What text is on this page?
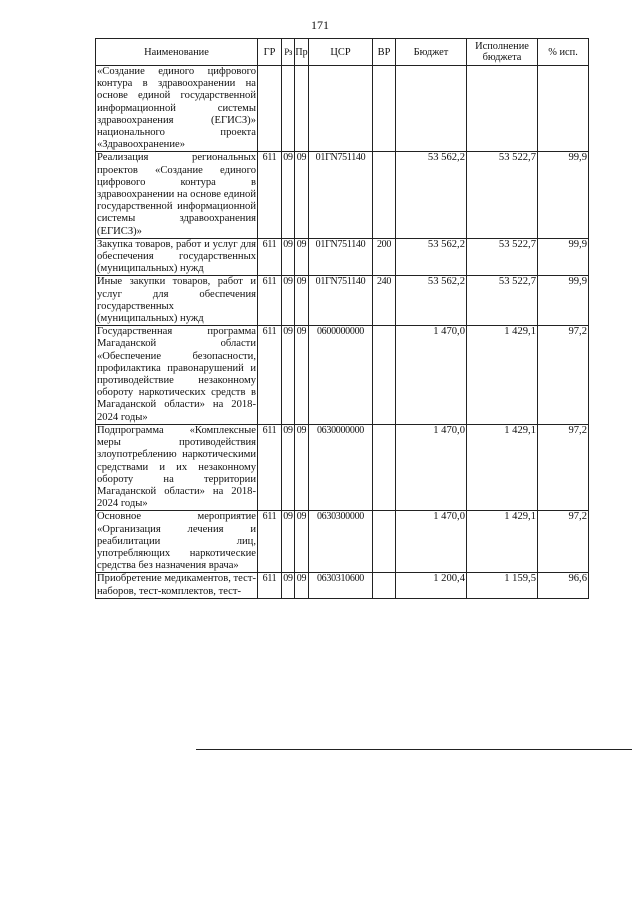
171
Наименование	ГР	Рз	Пр	ЦСР	ВР	Бюджет	Исполнение бюджета	% исп.
«Создание единого цифрового контура в здравоохранении на основе единой государственной информационной системы здравоохранения (ЕГИСЗ)» национального проекта «Здравоохранение»								
Реализация региональных проектов «Создание единого цифрового контура в здравоохранении на основе единой государственной информационной системы здравоохранения (ЕГИСЗ)»	611	09	09	01ГN751140		53 562,2	53 522,7	99,9
Закупка товаров, работ и услуг для обеспечения государственных (муниципальных) нужд	611	09	09	01ГN751140	200	53 562,2	53 522,7	99,9
Иные закупки товаров, работ и услуг для обеспечения государственных (муниципальных) нужд	611	09	09	01ГN751140	240	53 562,2	53 522,7	99,9
Государственная программа Магаданской области «Обеспечение безопасности, профилактика правонарушений и противодействие незаконному обороту наркотических средств в Магаданской области» на 2018-2024 годы»	611	09	09	0600000000		1 470,0	1 429,1	97,2
Подпрограмма «Комплексные меры противодействия злоупотреблению наркотическими средствами и их незаконному обороту на территории Магаданской области» на 2018-2024 годы»	611	09	09	0630000000		1 470,0	1 429,1	97,2
Основное мероприятие «Организация лечения и реабилитации лиц, употребляющих наркотические средства без назначения врача»	611	09	09	0630300000		1 470,0	1 429,1	97,2
Приобретение медикаментов, тест-наборов, тест-комплектов, тест-	611	09	09	0630310600		1 200,4	1 159,5	96,6
